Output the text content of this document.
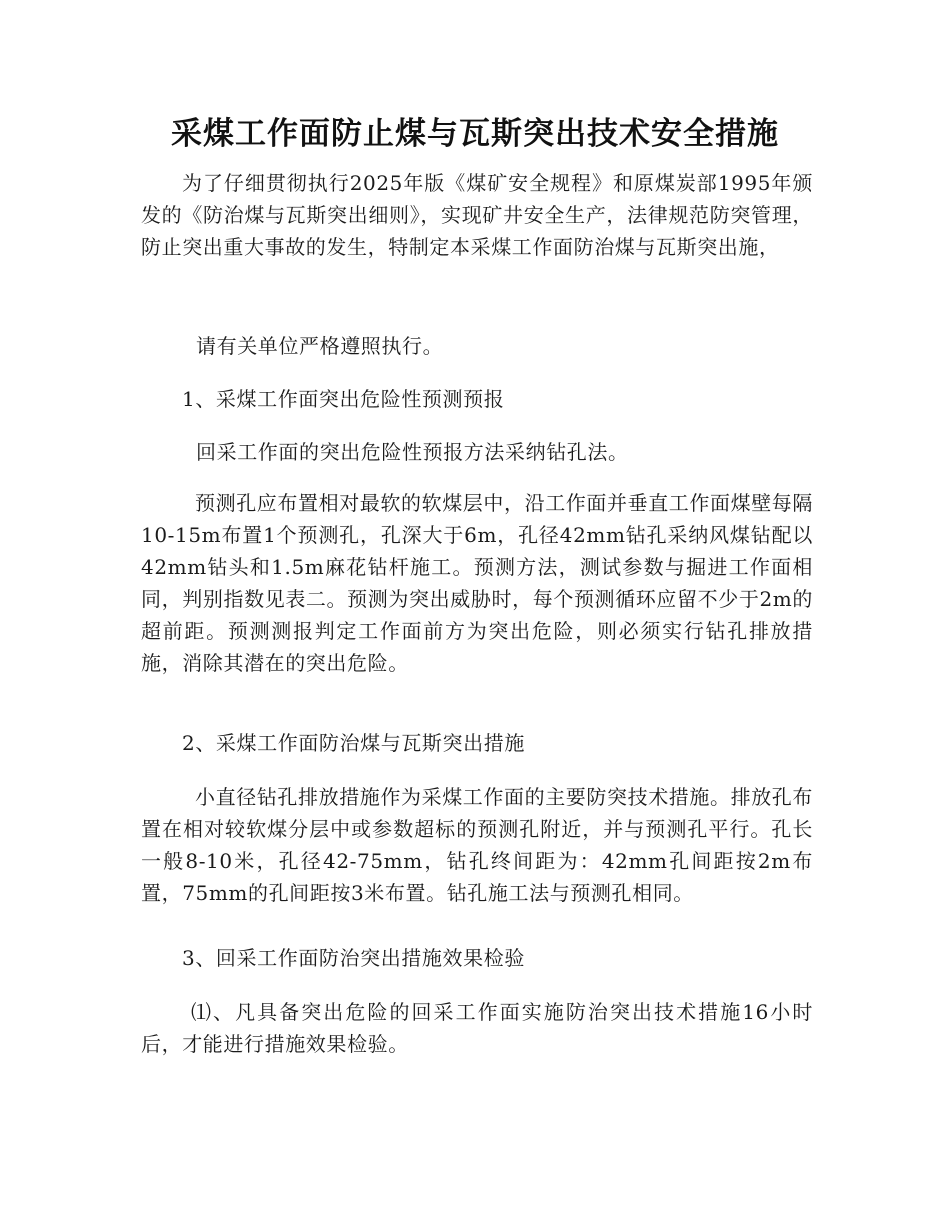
采煤工作面防止煤与瓦斯突出技术安全措施

为了仔细贯彻执行2025年版《煤矿安全规程》和原煤炭部1995年颁发的《防治煤与瓦斯突出细则》，实现矿井安全生产，法律规范防突管理，防止突出重大事故的发生，特制定本采煤工作面防治煤与瓦斯突出施，

请有关单位严格遵照执行。

1、采煤工作面突出危险性预测预报

回采工作面的突出危险性预报方法采纳钻孔法。

预测孔应布置相对最软的软煤层中，沿工作面并垂直工作面煤壁每隔10-15m布置1个预测孔，孔深大于6m，孔径42mm钻孔采纳风煤钻配以42mm钻头和1.5m麻花钻杆施工。预测方法，测试参数与掘进工作面相同，判别指数见表二。预测为突出威胁时，每个预测循环应留不少于2m的超前距。预测测报判定工作面前方为突出危险，则必须实行钻孔排放措施，消除其潜在的突出危险。

2、采煤工作面防治煤与瓦斯突出措施

小直径钻孔排放措施作为采煤工作面的主要防突技术措施。排放孔布置在相对较软煤分层中或参数超标的预测孔附近，并与预测孔平行。孔长一般8-10米，孔径42-75mm，钻孔终间距为：42mm孔间距按2m布置，75mm的孔间距按3米布置。钻孔施工法与预测孔相同。

3、回采工作面防治突出措施效果检验

⑴、凡具备突出危险的回采工作面实施防治突出技术措施16小时后，才能进行措施效果检验。
